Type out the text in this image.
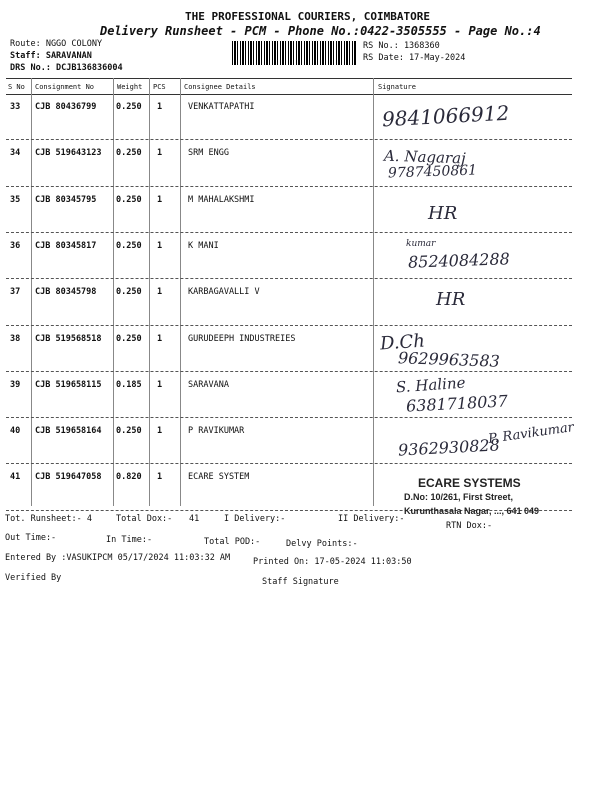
THE PROFESSIONAL COURIERS, COIMBATORE
Delivery Runsheet - PCM - Phone No.:0422-3505555 - Page No.:4
Route: NGGO COLONY
Staff: SARAVANAN
DRS No.: DCJB136836004
RS No.: 1368360
RS Date: 17-May-2024
S No Consignment No	Weight PCS	Consignee Details	Signature
33 CJB 80436799 0.250 1	VENKATTAPATHI	9841066912
34 CJB 519643123 0.250 1	SRM ENGG	A. Nagaraj
9787450861
35 CJB 80345795 0.250 1	M MAHALAKSHMI
HR
36 CJB 80345817 0.250 1	K MANI	kumar
8524084288
37 CJB 80345798 0.250 1	KARBAGAVALLI V	HR
38 CJB 519568518 0.250 1	GURUDEEPH INDUSTREIES	D.Ch
9629963583
39 CJB 519658115 0.185 1	SARAVANA	S. Haline
6381718037
40 CJB 519658164 0.250 1	P RAVIKUMAR
9362930828
P. Ravikumar
41 CJB 519647058 0.820 1	ECARE SYSTEM	ECARE SYSTEMS
D.No: 10/261, First Street,
Kurunthasala Nagar, ..., 641 049
Tot. Runsheet:- 4	Total Dox:- 41	I Delivery:-	II Delivery:-
RTN Dox:-
Out Time:-	In Time:-	Total POD:-	Delvy Points:-
Entered By :VASUKIPCM 05/17/2024 11:03:32 AM	Printed On: 17-05-2024 11:03:50
Verified By	Staff Signature
